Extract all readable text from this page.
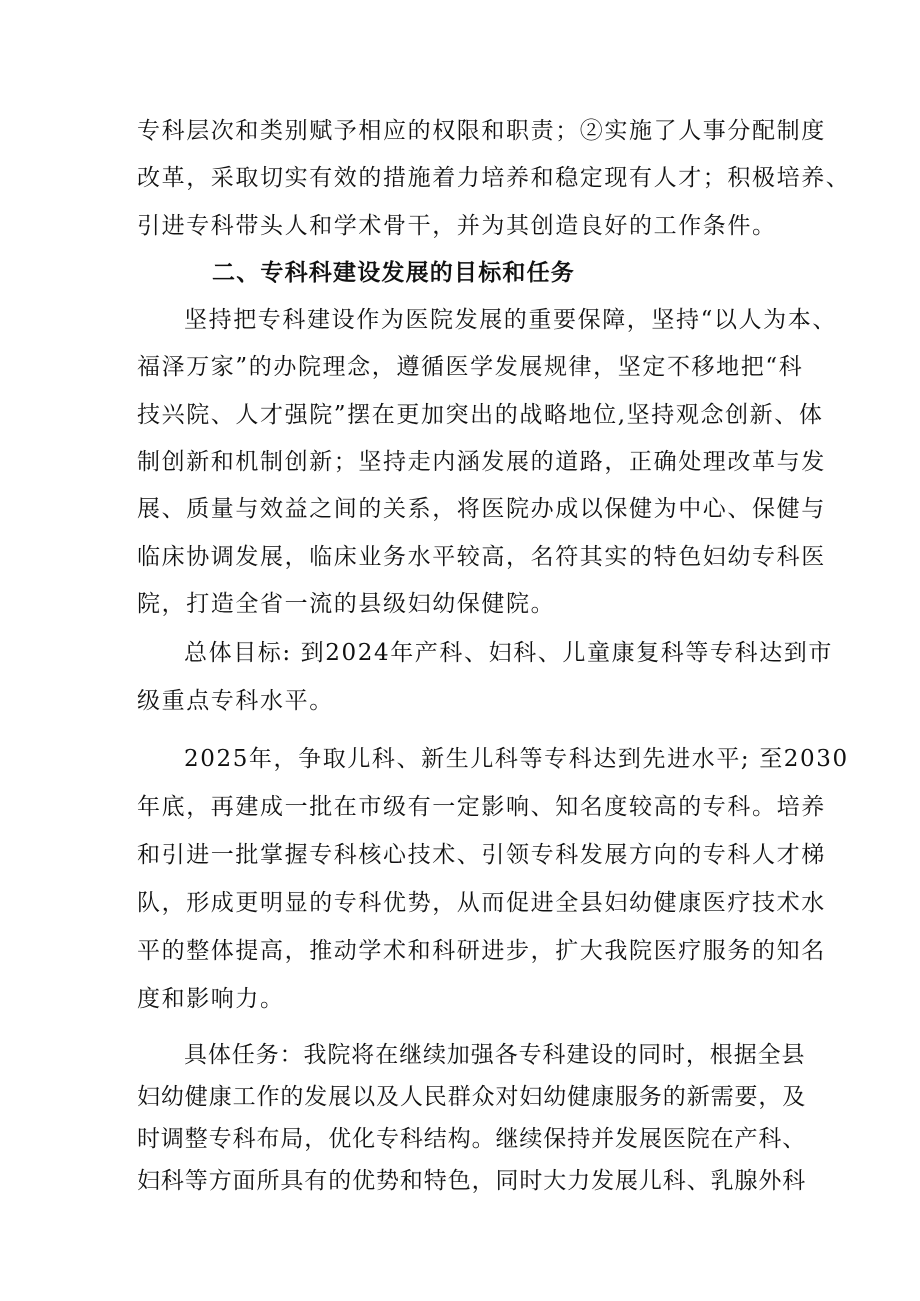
专科层次和类别赋予相应的权限和职责；②实施了人事分配制度
改革，采取切实有效的措施着力培养和稳定现有人才；积极培养、
引进专科带头人和学术骨干，并为其创造良好的工作条件。
二、专科科建设发展的目标和任务
坚持把专科建设作为医院发展的重要保障，坚持“以人为本、
福泽万家”的办院理念，遵循医学发展规律，坚定不移地把“科
技兴院、人才强院”摆在更加突出的战略地位,坚持观念创新、体
制创新和机制创新；坚持走内涵发展的道路，正确处理改革与发
展、质量与效益之间的关系，将医院办成以保健为中心、保健与
临床协调发展，临床业务水平较高，名符其实的特色妇幼专科医
院，打造全省一流的县级妇幼保健院。
总体目标: 到2024年产科、妇科、儿童康复科等专科达到市
级重点专科水平。
2025年，争取儿科、新生儿科等专科达到先进水平; 至2030
年底，再建成一批在市级有一定影响、知名度较高的专科。培养
和引进一批掌握专科核心技术、引领专科发展方向的专科人才梯
队，形成更明显的专科优势，从而促进全县妇幼健康医疗技术水
平的整体提高，推动学术和科研进步，扩大我院医疗服务的知名
度和影响力。
具体任务：我院将在继续加强各专科建设的同时，根据全县
妇幼健康工作的发展以及人民群众对妇幼健康服务的新需要，及
时调整专科布局，优化专科结构。继续保持并发展医院在产科、
妇科等方面所具有的优势和特色，同时大力发展儿科、乳腺外科
